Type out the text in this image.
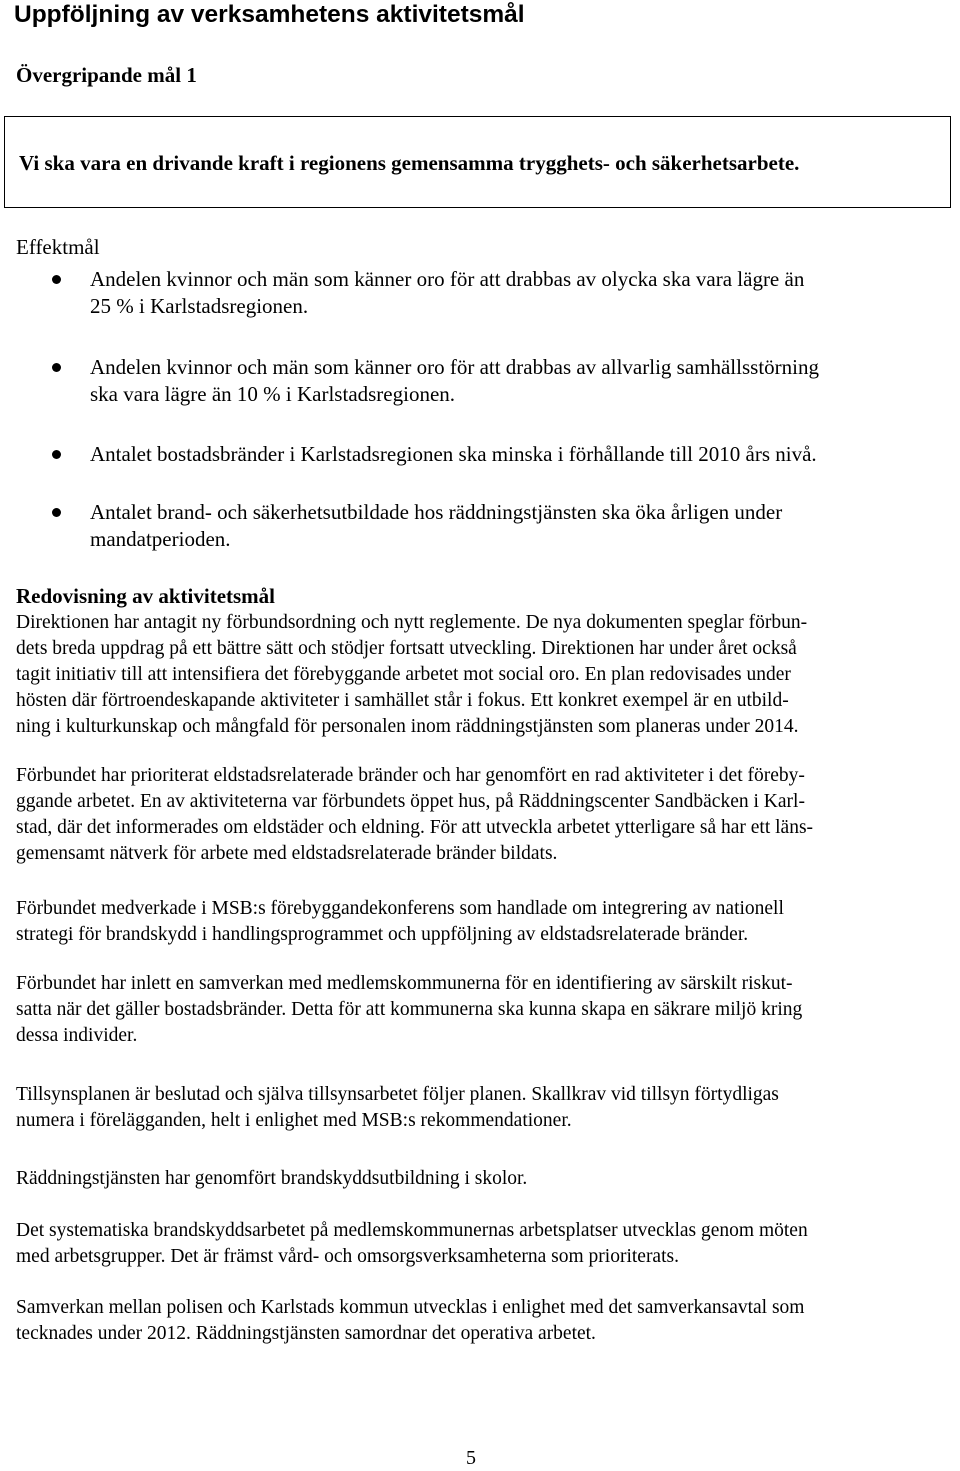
Uppföljning av verksamhetens aktivitetsmål
Övergripande mål 1

Vi ska vara en drivande kraft i regionens gemensamma trygghets- och säkerhetsarbete.

Effektmål

Andelen kvinnor och män som känner oro för att drabbas av olycka ska vara lägre än
25 % i Karlstadsregionen.
Andelen kvinnor och män som känner oro för att drabbas av allvarlig samhällsstörning
ska vara lägre än 10 % i Karlstadsregionen.
Antalet bostadsbränder i Karlstadsregionen ska minska i förhållande till 2010 års nivå.
Antalet brand- och säkerhetsutbildade hos räddningstjänsten ska öka årligen under
mandatperioden.
Redovisning av aktivitetsmål

Direktionen har antagit ny förbundsordning och nytt reglemente. De nya dokumenten speglar förbun-
dets breda uppdrag på ett bättre sätt och stödjer fortsatt utveckling. Direktionen har under året också
tagit initiativ till att intensifiera det förebyggande arbetet mot social oro. En plan redovisades under
hösten där förtroendeskapande aktiviteter i samhället står i fokus. Ett konkret exempel är en utbild-
ning i kulturkunskap och mångfald för personalen inom räddningstjänsten som planeras under 2014.

Förbundet har prioriterat eldstadsrelaterade bränder och har genomfört en rad aktiviteter i det föreby-
ggande arbetet. En av aktiviteterna var förbundets öppet hus, på Räddningscenter Sandbäcken i Karl-
stad, där det informerades om eldstäder och eldning. För att utveckla arbetet ytterligare så har ett läns-
gemensamt nätverk för arbete med eldstadsrelaterade bränder bildats.

Förbundet medverkade i MSB:s förebyggandekonferens som handlade om integrering av nationell
strategi för brandskydd i handlingsprogrammet och uppföljning av eldstadsrelaterade bränder.

Förbundet har inlett en samverkan med medlemskommunerna för en identifiering av särskilt riskut-
satta när det gäller bostadsbränder. Detta för att kommunerna ska kunna skapa en säkrare miljö kring
dessa individer.

Tillsynsplanen är beslutad och själva tillsynsarbetet följer planen. Skallkrav vid tillsyn förtydligas
numera i förelägganden, helt i enlighet med MSB:s rekommendationer.

Räddningstjänsten har genomfört brandskyddsutbildning i skolor.

Det systematiska brandskyddsarbetet på medlemskommunernas arbetsplatser utvecklas genom möten
med arbetsgrupper. Det är främst vård- och omsorgsverksamheterna som prioriterats.

Samverkan mellan polisen och Karlstads kommun utvecklas i enlighet med det samverkansavtal som
tecknades under 2012. Räddningstjänsten samordnar det operativa arbetet.

5
